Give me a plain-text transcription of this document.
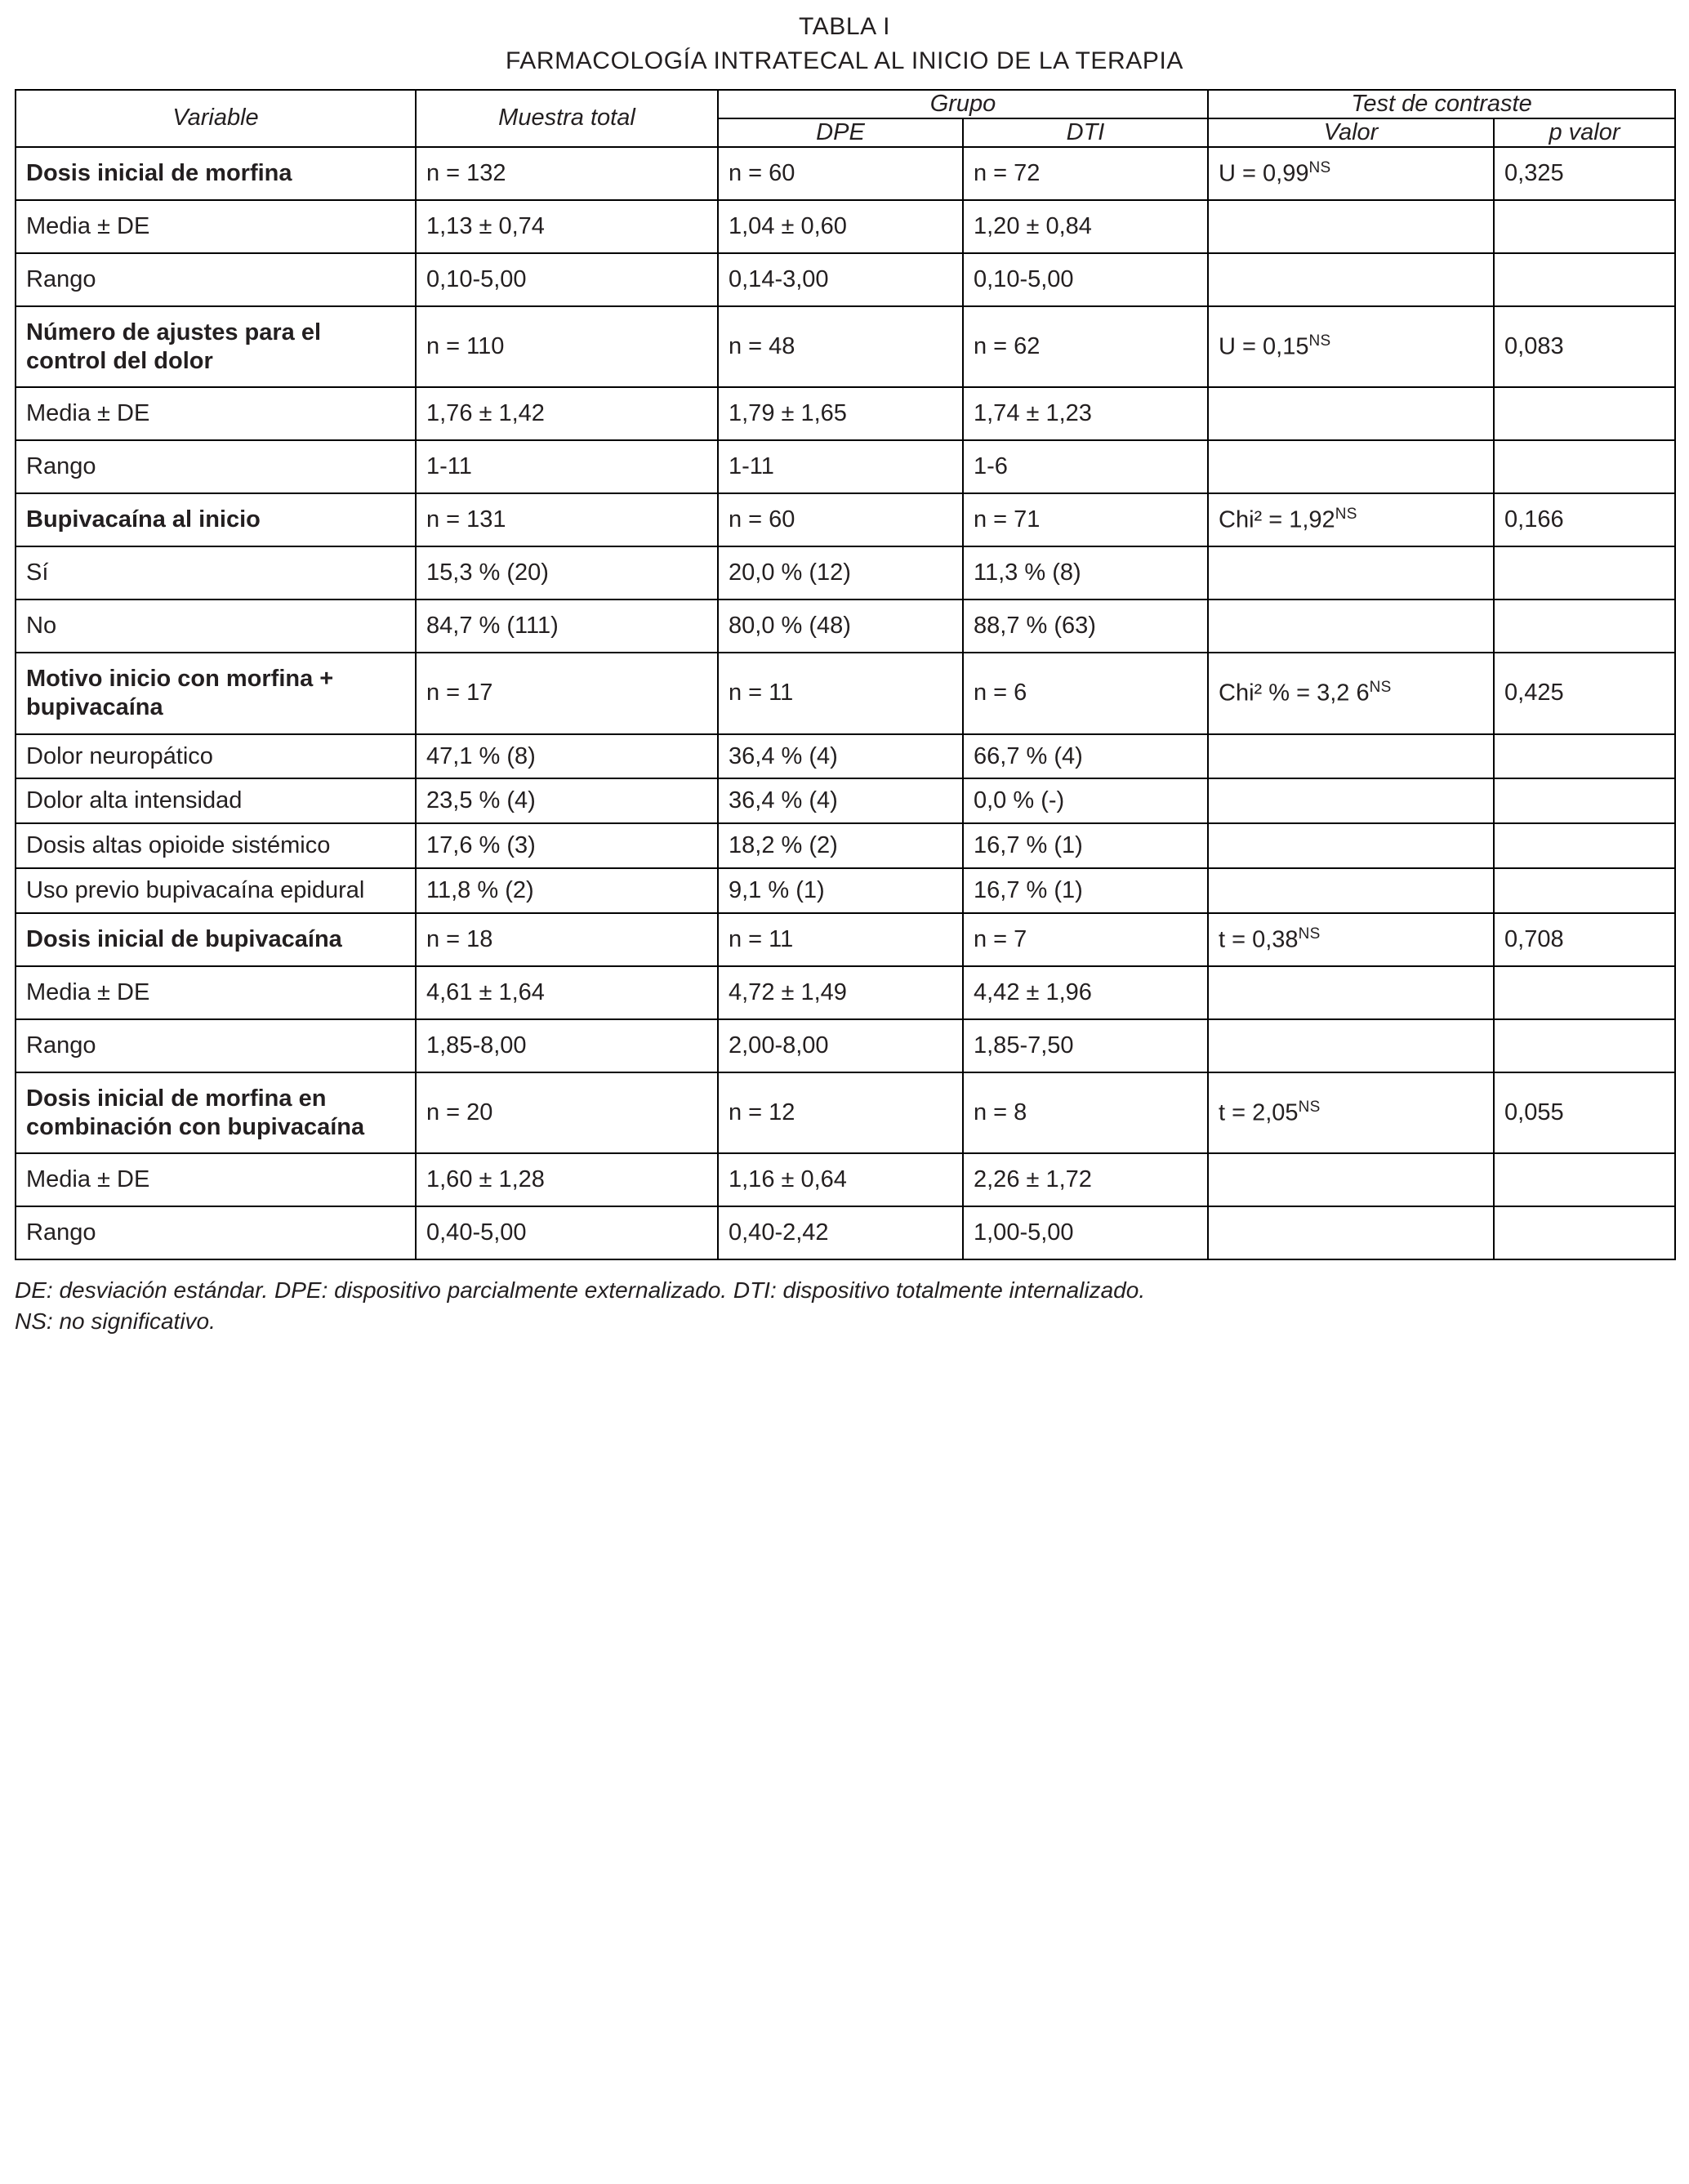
TABLA I
FARMACOLOGÍA INTRATECAL AL INICIO DE LA TERAPIA
Variable	Muestra total	Grupo		Test de contraste	
		DPE	DTI	Valor	p valor

Dosis inicial de morfina	n = 132	n = 60	n = 72	$U = 0,99^{NS}$	0,325

Media ± DE	1,13 ± 0,74	1,04 ± 0,60	1,20 ± 0,84		

Rango	0,10-5,00	0,14-3,00	0,10-5,00		

Número de ajustes para el control del dolor	n = 110	n = 48	n = 62	$U = 0,15^{NS}$	0,083

Media ± DE	1,76 ± 1,42	1,79 ± 1,65	1,74 ± 1,23		

Rango	1-11	1-11	1-6		

Bupivacaína al inicio	n = 131	n = 60	n = 71	$Chi^2 = 1,92^{NS}$	0,166

Sí	15,3 % (20)	20,0 % (12)	11,3 % (8)		

No	84,7 % (111)	80,0 % (48)	88,7 % (63)		

Motivo inicio con morfina + bupivacaína	n = 17	n = 11	n = 6	Chi² % = 3,2 $6^{NS}$	0,425

Dolor neuropático	47,1 % (8)	36,4 % (4)	66,7 % (4)		

Dolor alta intensidad	23,5 % (4)	36,4 % (4)	0,0 % (-)		

Dosis altas opioide sistémico	17,6 % (3)	18,2 % (2)	16,7 % (1)		

Uso previo bupivacaína epidural	11,8 % (2)	9,1 % (1)	16,7 % (1)		

Dosis inicial de bupivacaína	n = 18	n = 11	n = 7	$t = 0,38^{NS}$	0,708

Media ± DE	4,61 ± 1,64	4,72 ± 1,49	4,42 ± 1,96		

Rango	1,85-8,00	2,00-8,00	1,85-7,50		

Dosis inicial de morfina en combinación con bupivacaína	n = 20	n = 12	n = 8	$t = 2,05^{NS}$	0,055

Media ± DE	1,60 ± 1,28	1,16 ± 0,64	2,26 ± 1,72		

Rango	0,40-5,00	0,40-2,42	1,00-5,00		

DE: desviación estándar. DPE: dispositivo parcialmente externalizado. DTI: dispositivo totalmente internalizado.
NS: no significativo.
